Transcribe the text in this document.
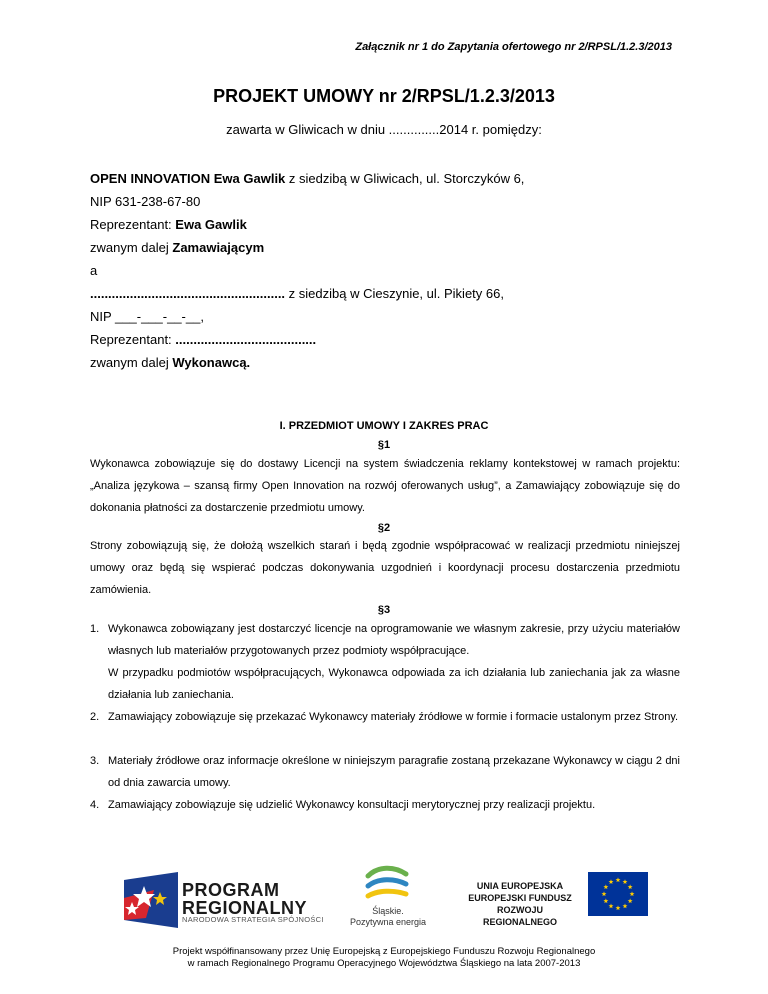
Załącznik nr 1 do Zapytania ofertowego nr 2/RPSL/1.2.3/2013
PROJEKT UMOWY nr 2/RPSL/1.2.3/2013
zawarta w Gliwicach w dniu ..............2014 r. pomiędzy:
OPEN INNOVATION Ewa Gawlik z siedzibą w Gliwicach, ul. Storczyków 6,
NIP 631-238-67-80
Reprezentant: Ewa Gawlik
zwanym dalej Zamawiającym
a
...................................................... z siedzibą w Cieszynie, ul. Pikiety 66,
NIP ___-___-__-__,
Reprezentant: .......................................
zwanym dalej Wykonawcą.
I. PRZEDMIOT UMOWY I ZAKRES PRAC
§1
Wykonawca zobowiązuje się do dostawy Licencji na system świadczenia reklamy kontekstowej w ramach projektu: „Analiza językowa – szansą firmy Open Innovation na rozwój oferowanych usług”, a Zamawiający zobowiązuje się do dokonania płatności za dostarczenie przedmiotu umowy.
§2
Strony zobowiązują się, że dołożą wszelkich starań i będą zgodnie współpracować w realizacji przedmiotu niniejszej umowy oraz będą się wspierać podczas dokonywania uzgodnień i koordynacji procesu dostarczenia przedmiotu zamówienia.
§3
1. Wykonawca zobowiązany jest dostarczyć licencje na oprogramowanie we własnym zakresie, przy użyciu materiałów własnych lub materiałów przygotowanych przez podmioty współpracujące.

W przypadku podmiotów współpracujących, Wykonawca odpowiada za ich działania lub zaniechania jak za własne działania lub zaniechania.

2. Zamawiający zobowiązuje się przekazać Wykonawcy materiały źródłowe w formie i formacie ustalonym przez Strony.
3. Materiały źródłowe oraz informacje określone w niniejszym paragrafie zostaną przekazane Wykonawcy w ciągu 2 dni od dnia zawarcia umowy.
4. Zamawiający zobowiązuje się udzielić Wykonawcy konsultacji merytorycznej przy realizacji projektu.
PROGRAM
REGIONALNY
NARODOWA STRATEGIA SPÓJNOŚCI
Śląskie.
Pozytywna energia
UNIA EUROPEJSKA
EUROPEJSKI FUNDUSZ
ROZWOJU REGIONALNEGO
Projekt współfinansowany przez Unię Europejską z Europejskiego Funduszu Rozwoju Regionalnego
w ramach Regionalnego Programu Operacyjnego Województwa Śląskiego na lata 2007-2013
